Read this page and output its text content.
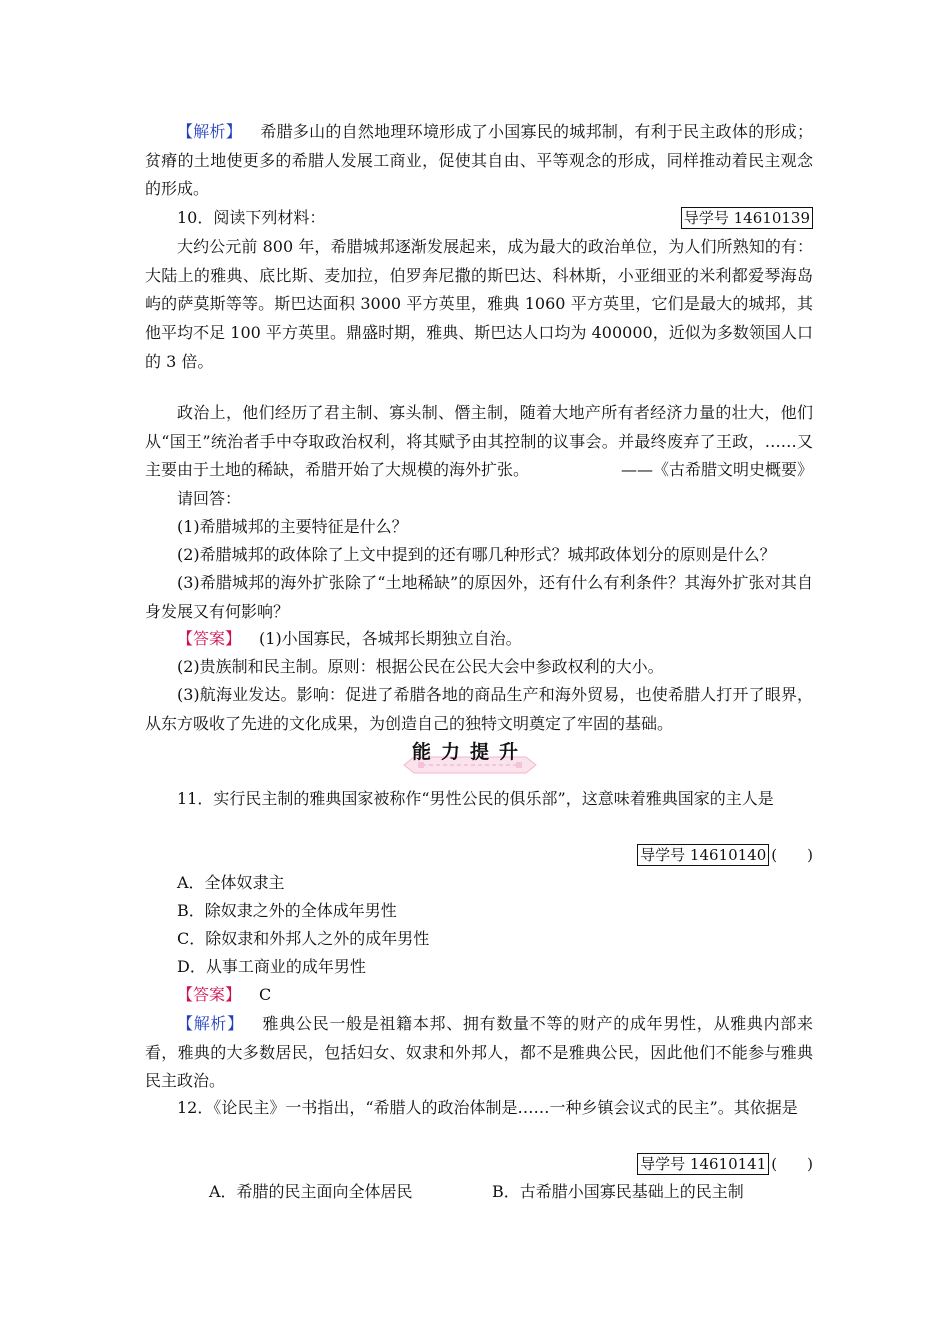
【解析】 希腊多山的自然地理环境形成了小国寡民的城邦制，有利于民主政体的形成；贫瘠的土地使更多的希腊人发展工商业，促使其自由、平等观念的形成，同样推动着民主观念的形成。

10．阅读下列材料：	导学号 14610139

大约公元前 800 年，希腊城邦逐渐发展起来，成为最大的政治单位，为人们所熟知的有：大陆上的雅典、底比斯、麦加拉，伯罗奔尼撒的斯巴达、科林斯，小亚细亚的米利都爱琴海岛屿的萨莫斯等等。斯巴达面积 3000 平方英里，雅典 1060 平方英里，它们是最大的城邦，其他平均不足 100 平方英里。鼎盛时期，雅典、斯巴达人口均为 400000，近似为多数领国人口的 3 倍。

政治上，他们经历了君主制、寡头制、僭主制，随着大地产所有者经济力量的壮大，他们从“国王”统治者手中夺取政治权利，将其赋予由其控制的议事会。并最终废弃了王政，……又主要由于土地的稀缺，希腊开始了大规模的海外扩张。	——《古希腊文明史概要》

请回答：

(1)希腊城邦的主要特征是什么？

(2)希腊城邦的政体除了上文中提到的还有哪几种形式？城邦政体划分的原则是什么？

(3)希腊城邦的海外扩张除了“土地稀缺”的原因外，还有什么有利条件？其海外扩张对其自身发展又有何影响？

【答案】 (1)小国寡民，各城邦长期独立自治。

(2)贵族制和民主制。原则：根据公民在公民大会中参政权利的大小。

(3)航海业发达。影响：促进了希腊各地的商品生产和海外贸易，也使希腊人打开了眼界，从东方吸收了先进的文化成果，为创造自己的独特文明奠定了牢固的基础。

能力提升

11．实行民主制的雅典国家被称作“男性公民的俱乐部”，这意味着雅典国家的主人是

导学号 14610140 (　　)

A．全体奴隶主

B．除奴隶之外的全体成年男性

C．除奴隶和外邦人之外的成年男性

D．从事工商业的成年男性

【答案】 C

【解析】 雅典公民一般是祖籍本邦、拥有数量不等的财产的成年男性，从雅典内部来看，雅典的大多数居民，包括妇女、奴隶和外邦人，都不是雅典公民，因此他们不能参与雅典民主政治。

12．《论民主》一书指出，“希腊人的政治体制是……一种乡镇会议式的民主”。其依据是

导学号 14610141 (　　)

A．希腊的民主面向全体居民	B．古希腊小国寡民基础上的民主制
